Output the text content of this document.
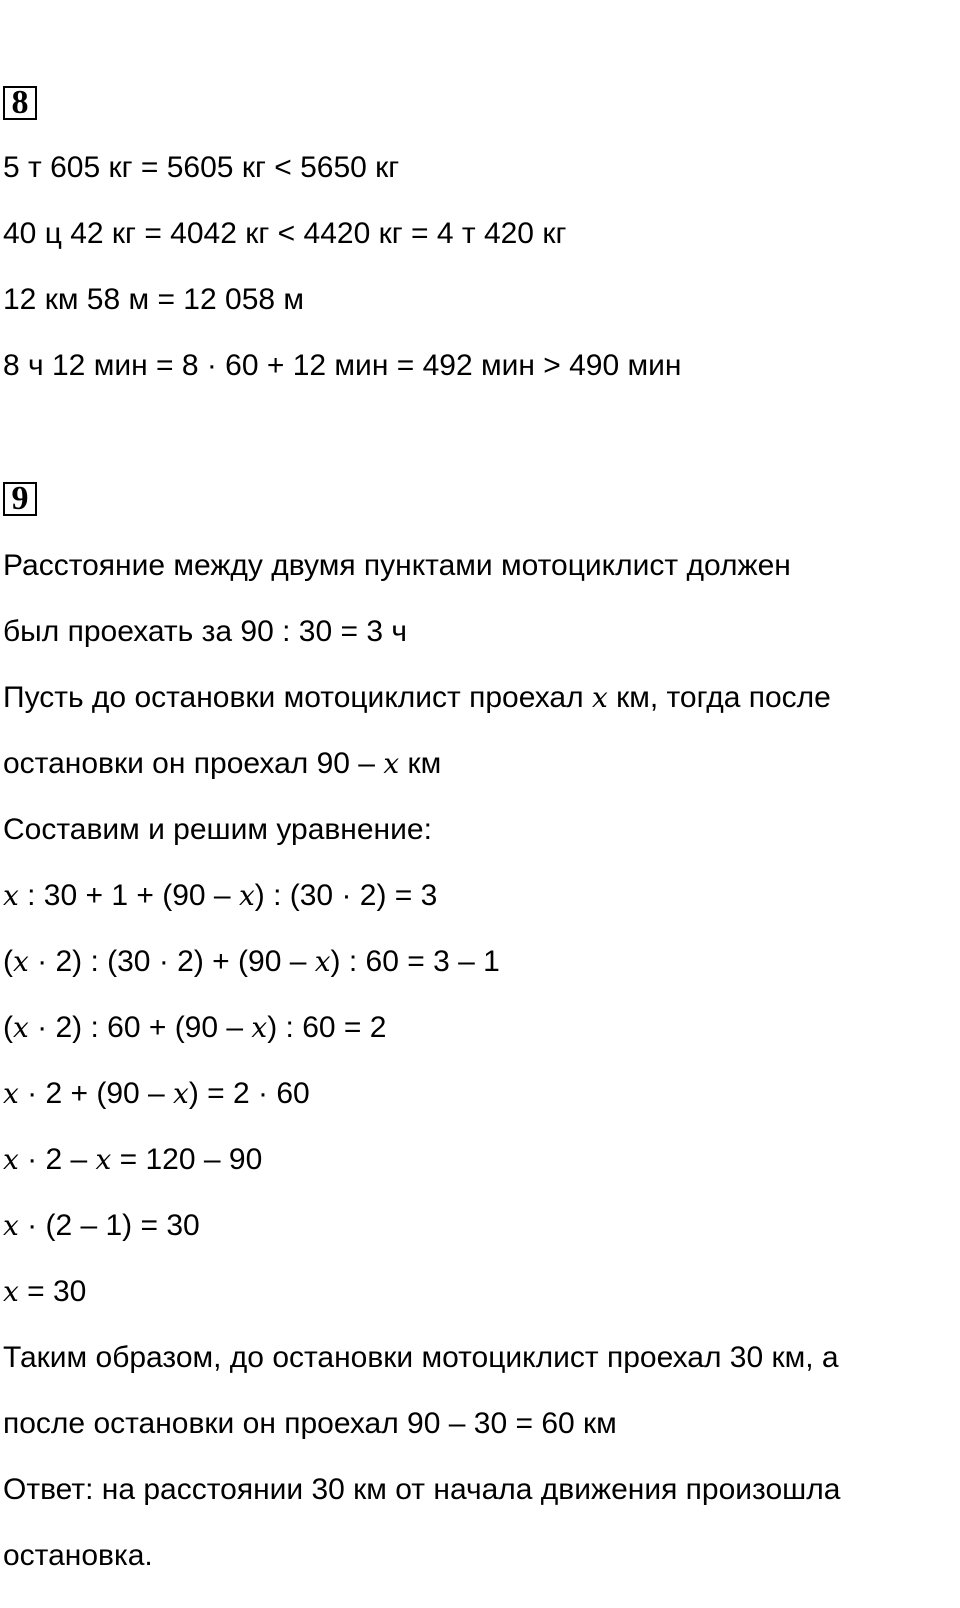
8
5 т 605 кг = 5605 кг < 5650 кг
40 ц 42 кг = 4042 кг < 4420 кг = 4 т 420 кг
12 км 58 м = 12 058 м
8 ч 12 мин = 8 · 60 + 12 мин = 492 мин > 490 мин
9
Расстояние между двумя пунктами мотоциклист должен
был проехать за 90 : 30 = 3 ч
Пусть до остановки мотоциклист проехал 𝑥 км, тогда после
остановки он проехал 90 – 𝑥 км
Составим и решим уравнение:
𝑥 : 30 + 1 + (90 – 𝑥) : (30 · 2) = 3
(𝑥 · 2) : (30 · 2) + (90 – 𝑥) : 60 = 3 – 1
(𝑥 · 2) : 60 + (90 – 𝑥) : 60 = 2
𝑥 · 2 + (90 – 𝑥) = 2 · 60
𝑥 · 2 – 𝑥 = 120 – 90
𝑥 · (2 – 1) = 30
𝑥 = 30
Таким образом, до остановки мотоциклист проехал 30 км, а
после остановки он проехал 90 – 30 = 60 км
Ответ: на расстоянии 30 км от начала движения произошла
остановка.
